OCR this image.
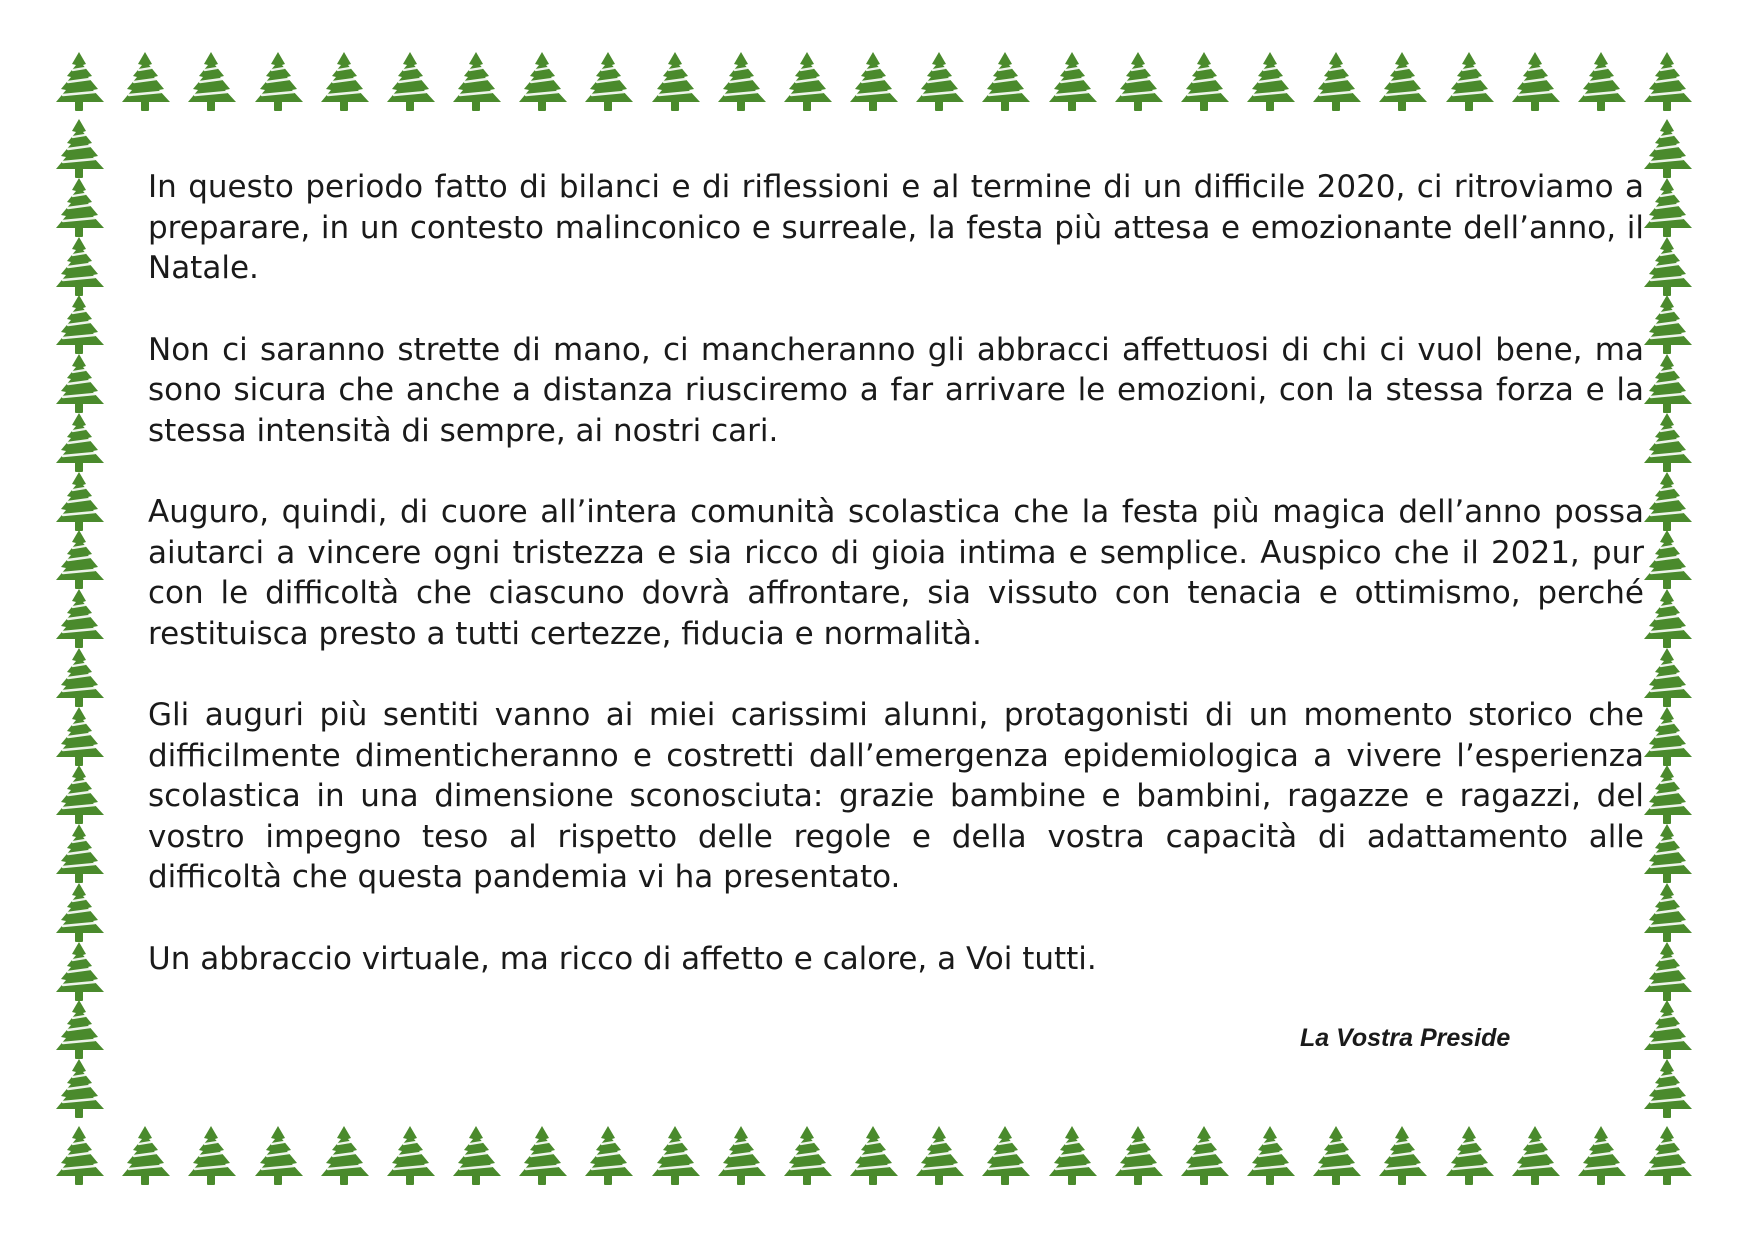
In questo periodo fatto di bilanci e di riflessioni e al termine di un difficile 2020, ci ritroviamo a preparare, in un contesto malinconico e surreale, la festa più attesa e emozionante dell’anno, il Natale.

Non ci saranno strette di mano, ci mancheranno gli abbracci affettuosi di chi ci vuol bene, ma sono sicura che anche a distanza riusciremo a far arrivare le emozioni, con la stessa forza e la stessa intensità di sempre, ai nostri cari.

Auguro, quindi, di cuore all’intera comunità scolastica che la festa più magica dell’anno possa aiutarci a vincere ogni tristezza e sia ricco di gioia intima e semplice. Auspico che il 2021, pur con le difficoltà che ciascuno dovrà affrontare, sia vissuto con tenacia e ottimismo, perché restituisca presto a tutti certezze, fiducia e normalità.

Gli auguri più sentiti vanno ai miei carissimi alunni, protagonisti di un momento storico che difficilmente dimenticheranno e costretti dall’emergenza epidemiologica a vivere l’esperienza scolastica in una dimensione sconosciuta: grazie bambine e bambini, ragazze e ragazzi, del vostro impegno teso al rispetto delle regole e della vostra capacità di adattamento alle difficoltà che questa pandemia vi ha presentato.

Un abbraccio virtuale, ma ricco di affetto e calore, a Voi tutti.

La Vostra Preside
